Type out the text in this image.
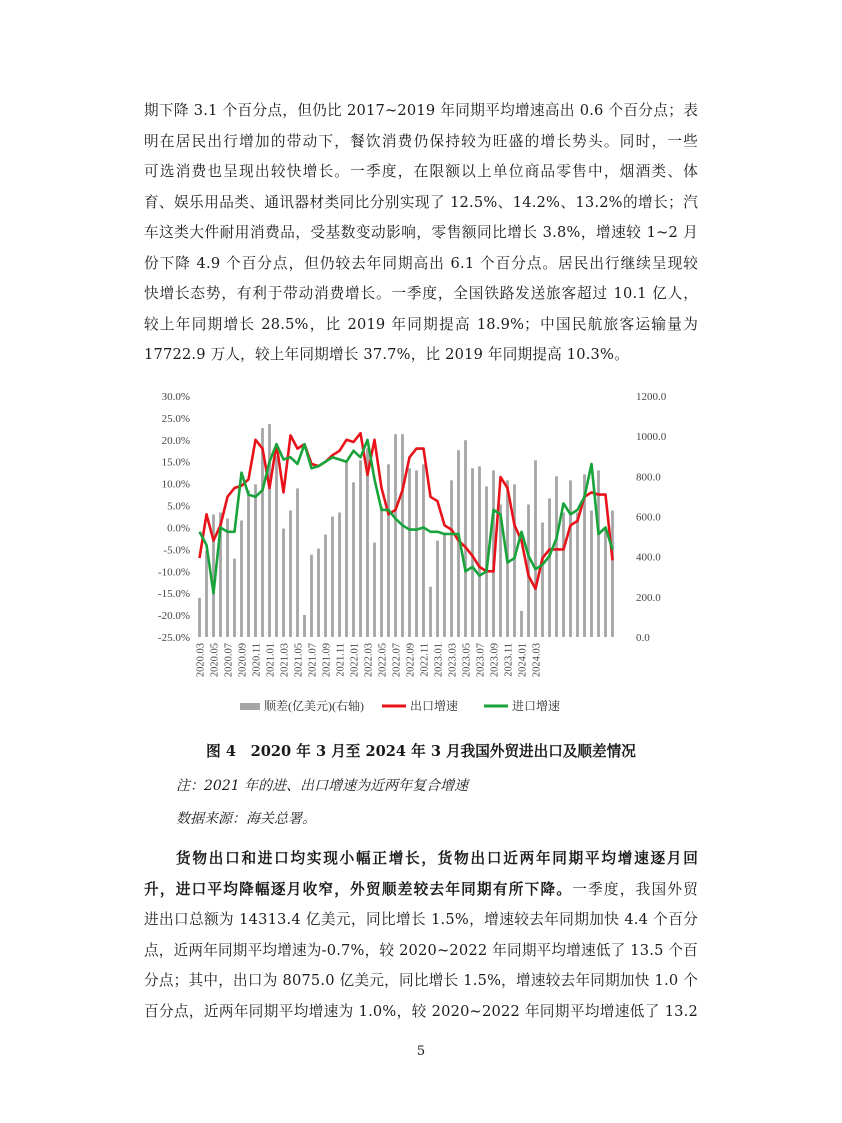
期下降 3.1 个百分点，但仍比 2017~2019 年同期平均增速高出 0.6 个百分点；表
明在居民出行增加的带动下，餐饮消费仍保持较为旺盛的增长势头。同时，一些
可选消费也呈现出较快增长。一季度，在限额以上单位商品零售中，烟酒类、体
育、娱乐用品类、通讯器材类同比分别实现了 12.5%、14.2%、13.2%的增长；汽
车这类大件耐用消费品，受基数变动影响，零售额同比增长 3.8%，增速较 1~2 月
份下降 4.9 个百分点，但仍较去年同期高出 6.1 个百分点。居民出行继续呈现较
快增长态势，有利于带动消费增长。一季度，全国铁路发送旅客超过 10.1 亿人，
较上年同期增长 28.5%，比 2019 年同期提高 18.9%；中国民航旅客运输量为
17722.9 万人，较上年同期增长 37.7%，比 2019 年同期提高 10.3%。
30.0%
25.0%
20.0%
15.0%
10.0%
5.0%
0.0%
-5.0%
-10.0%
-15.0%
-20.0%
-25.0%
1200.0
1000.0
800.0
600.0
400.0
200.0
0.0
2020.03 2020.05 2020.07 2020.09 2020.11 2021.01 2021.03 2021.05 2021.07 2021.09 2021.11 2022.01 2022.03 2022.05 2022.07 2022.09 2022.11 2023.01 2023.03 2023.05 2023.07 2023.09 2023.11 2024.01 2024.03
顺差(亿美元)(右轴)	出口增速	进口增速
图 4　2020 年 3 月至 2024 年 3 月我国外贸进出口及顺差情况
注：2021 年的进、出口增速为近两年复合增速
数据来源：海关总署。
货物出口和进口均实现小幅正增长，货物出口近两年同期平均增速逐月回
升，进口平均降幅逐月收窄，外贸顺差较去年同期有所下降。一季度，我国外贸
进出口总额为 14313.4 亿美元，同比增长 1.5%，增速较去年同期加快 4.4 个百分
点，近两年同期平均增速为-0.7%，较 2020~2022 年同期平均增速低了 13.5 个百
分点；其中，出口为 8075.0 亿美元，同比增长 1.5%，增速较去年同期加快 1.0 个
百分点，近两年同期平均增速为 1.0%，较 2020~2022 年同期平均增速低了 13.2
5
